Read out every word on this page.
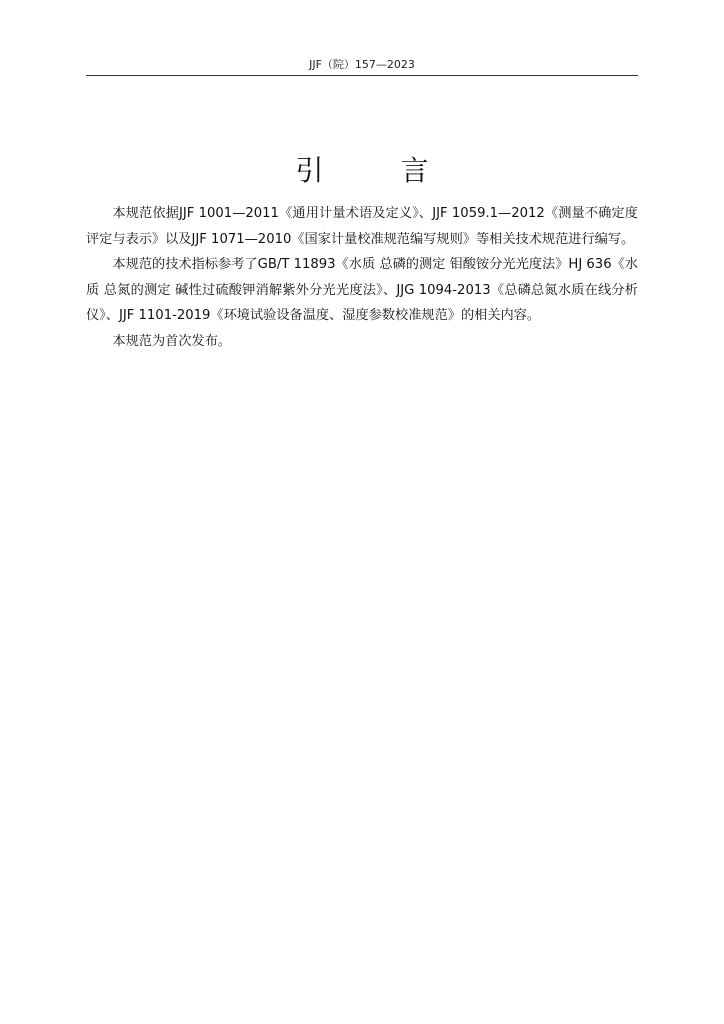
JJF（院）157—2023
引 言

本规范依据JJF 1001—2011《通用计量术语及定义》、JJF 1059.1—2012《测量不确定度评定与表示》以及JJF 1071—2010《国家计量校准规范编写规则》等相关技术规范进行编写。

本规范的技术指标参考了GB/T 11893《水质 总磷的测定 钼酸铵分光光度法》HJ 636《水质 总氮的测定 碱性过硫酸钾消解紫外分光光度法》、JJG 1094-2013《总磷总氮水质在线分析仪》、JJF 1101-2019《环境试验设备温度、湿度参数校准规范》的相关内容。

本规范为首次发布。
